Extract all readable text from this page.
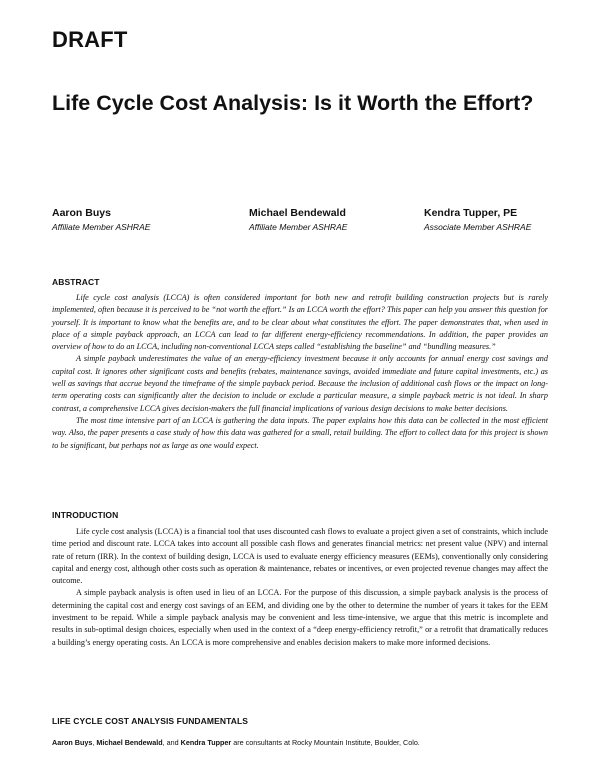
DRAFT
Life Cycle Cost Analysis: Is it Worth the Effort?
Aaron Buys
Affiliate Member ASHRAE
Michael Bendewald
Affiliate Member ASHRAE
Kendra Tupper, PE
Associate Member ASHRAE
ABSTRACT

Life cycle cost analysis (LCCA) is often considered important for both new and retrofit building construction projects but is rarely implemented, often because it is perceived to be “not worth the effort.” Is an LCCA worth the effort? This paper can help you answer this question for yourself. It is important to know what the benefits are, and to be clear about what constitutes the effort. The paper demonstrates that, when used in place of a simple payback approach, an LCCA can lead to far different energy-efficiency recommendations. In addition, the paper provides an overview of how to do an LCCA, including non-conventional LCCA steps called “establishing the baseline” and “bundling measures.”

A simple payback underestimates the value of an energy-efficiency investment because it only accounts for annual energy cost savings and capital cost. It ignores other significant costs and benefits (rebates, maintenance savings, avoided immediate and future capital investments, etc.) as well as savings that accrue beyond the timeframe of the simple payback period. Because the inclusion of additional cash flows or the impact on long-term operating costs can significantly alter the decision to include or exclude a particular measure, a simple payback metric is not ideal. In sharp contrast, a comprehensive LCCA gives decision-makers the full financial implications of various design decisions to make better decisions.

The most time intensive part of an LCCA is gathering the data inputs. The paper explains how this data can be collected in the most efficient way. Also, the paper presents a case study of how this data was gathered for a small, retail building. The effort to collect data for this project is shown to be significant, but perhaps not as large as one would expect.

INTRODUCTION

Life cycle cost analysis (LCCA) is a financial tool that uses discounted cash flows to evaluate a project given a set of constraints, which include time period and discount rate. LCCA takes into account all possible cash flows and generates financial metrics: net present value (NPV) and internal rate of return (IRR). In the context of building design, LCCA is used to evaluate energy efficiency measures (EEMs), conventionally only considering capital and energy cost, although other costs such as operation & maintenance, rebates or incentives, or even projected revenue changes may affect the outcome.

A simple payback analysis is often used in lieu of an LCCA. For the purpose of this discussion, a simple payback analysis is the process of determining the capital cost and energy cost savings of an EEM, and dividing one by the other to determine the number of years it takes for the EEM investment to be repaid. While a simple payback analysis may be convenient and less time-intensive, we argue that this metric is incomplete and results in sub-optimal design choices, especially when used in the context of a “deep energy-efficiency retrofit,” or a retrofit that dramatically reduces a building’s energy operating costs. An LCCA is more comprehensive and enables decision makers to make more informed decisions.

LIFE CYCLE COST ANALYSIS FUNDAMENTALS
Aaron Buys, Michael Bendewald, and Kendra Tupper are consultants at Rocky Mountain Institute, Boulder, Colo.
